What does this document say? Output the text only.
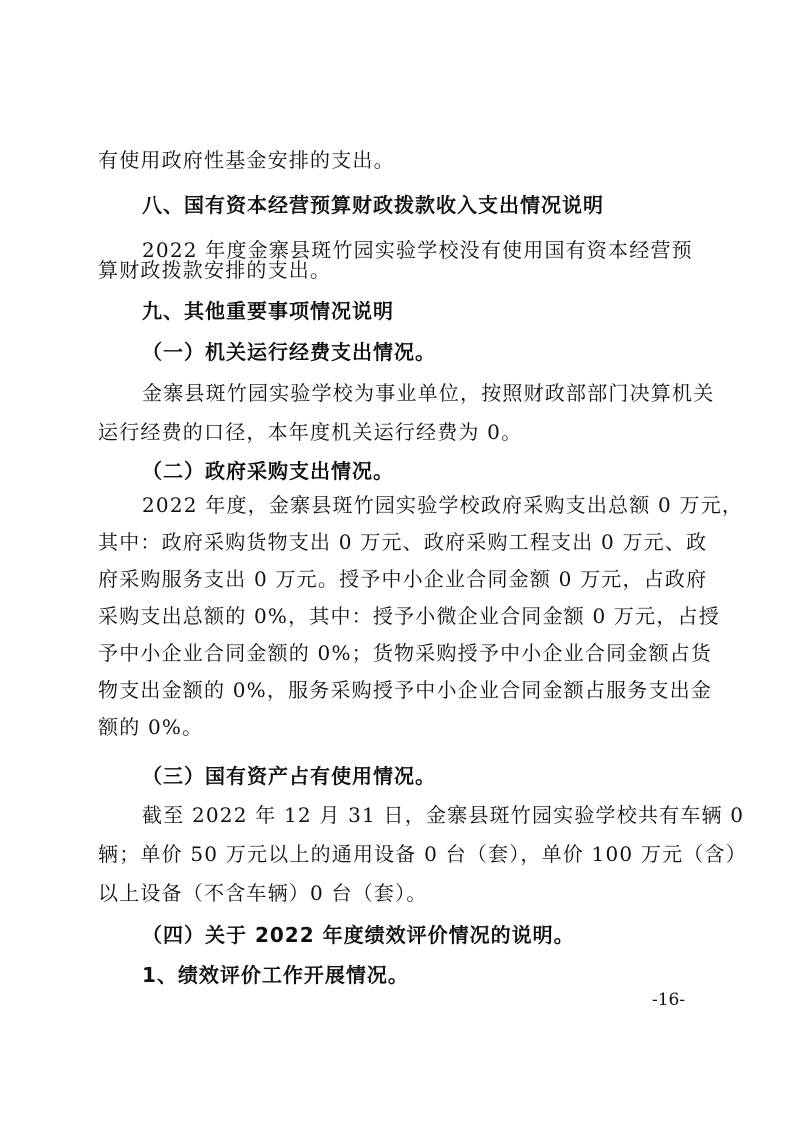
有使用政府性基金安排的支出。
八、国有资本经营预算财政拨款收入支出情况说明
2022 年度金寨县斑竹园实验学校没有使用国有资本经营预
算财政拨款安排的支出。
九、其他重要事项情况说明
（一）机关运行经费支出情况。
金寨县斑竹园实验学校为事业单位，按照财政部部门决算机关
运行经费的口径，本年度机关运行经费为 0。
（二）政府采购支出情况。
2022 年度，金寨县斑竹园实验学校政府采购支出总额 0 万元，
其中：政府采购货物支出 0 万元、政府采购工程支出 0 万元、政
府采购服务支出 0 万元。授予中小企业合同金额 0 万元，占政府
采购支出总额的 0%，其中：授予小微企业合同金额 0 万元，占授
予中小企业合同金额的 0%；货物采购授予中小企业合同金额占货
物支出金额的 0%，服务采购授予中小企业合同金额占服务支出金
额的 0%。
（三）国有资产占有使用情况。
截至 2022 年 12 月 31 日，金寨县斑竹园实验学校共有车辆 0
辆；单价 50 万元以上的通用设备 0 台（套），单价 100 万元（含）
以上设备（不含车辆）0 台（套）。
（四）关于 2022 年度绩效评价情况的说明。
1、绩效评价工作开展情况。
-16-
